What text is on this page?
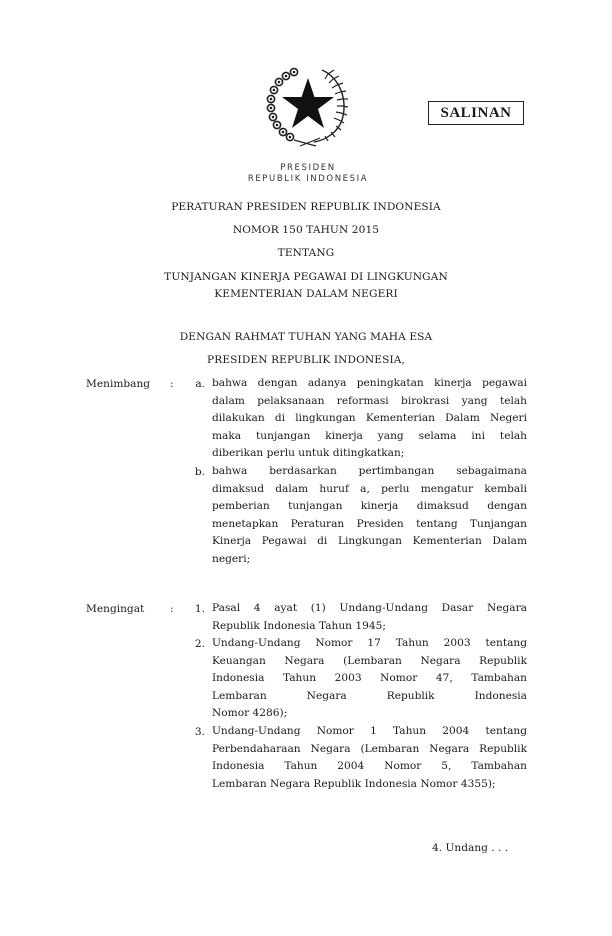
SALINAN
PRESIDEN
REPUBLIK INDONESIA
PERATURAN PRESIDEN REPUBLIK INDONESIA
NOMOR 150 TAHUN 2015
TENTANG
TUNJANGAN KINERJA PEGAWAI DI LINGKUNGAN
KEMENTERIAN DALAM NEGERI
DENGAN RAHMAT TUHAN YANG MAHA ESA
PRESIDEN REPUBLIK INDONESIA,
Menimbang :	a. bahwa dengan adanya peningkatan kinerja pegawai
dalam pelaksanaan reformasi birokrasi yang telah
dilakukan di lingkungan Kementerian Dalam Negeri
maka tunjangan kinerja yang selama ini telah
diberikan perlu untuk ditingkatkan;
b. bahwa berdasarkan pertimbangan sebagaimana
dimaksud dalam huruf a, perlu mengatur kembali
pemberian tunjangan kinerja dimaksud dengan
menetapkan Peraturan Presiden tentang Tunjangan
Kinerja Pegawai di Lingkungan Kementerian Dalam
negeri;
Mengingat :	1. Pasal 4 ayat (1) Undang-Undang Dasar Negara
Republik Indonesia Tahun 1945;
2. Undang-Undang Nomor 17 Tahun 2003 tentang
Keuangan Negara (Lembaran Negara Republik
Indonesia Tahun 2003 Nomor 47, Tambahan
Lembaran Negara Republik Indonesia
Nomor 4286);
3. Undang-Undang Nomor 1 Tahun 2004 tentang
Perbendaharaan Negara (Lembaran Negara Republik
Indonesia Tahun 2004 Nomor 5, Tambahan
Lembaran Negara Republik Indonesia Nomor 4355);
4. Undang . . .
